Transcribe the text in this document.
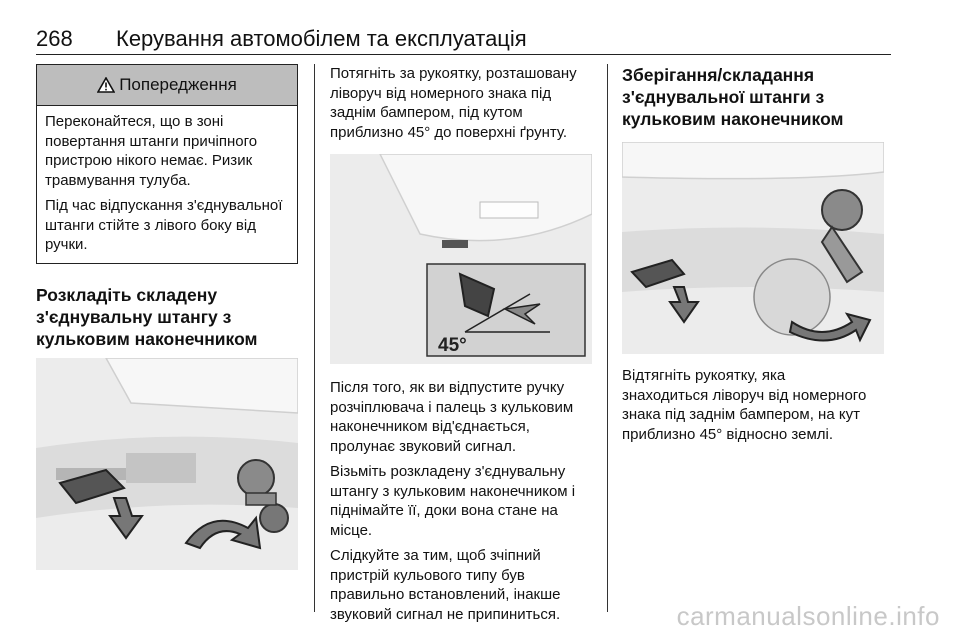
268 Керування автомобілем та експлуатація
Попередження

Переконайтеся, що в зоні повертання штанги причіпного пристрою нікого немає. Ризик травмування тулуба.

Під час відпускання з'єднувальної штанги стійте з лівого боку від ручки.

Розкладіть складену
з'єднувальну штангу з
кульковим наконечником

Потягніть за рукоятку, розташовану
ліворуч від номерного знака під
заднім бампером, під кутом
приблизно 45° до поверхні ґрунту.

45°

Після того, як ви відпустите ручку
розчіплювача і палець з кульковим
наконечником від'єднається,
пролунає звуковий сигнал.

Візьміть розкладену з'єднувальну
штангу з кульковим наконечником і
піднімайте її, доки вона стане на
місце.

Слідкуйте за тим, щоб зчіпний
пристрій кульового типу був
правильно встановлений, інакше
звуковий сигнал не припиниться.

Зберігання/складання
з'єднувальної штанги з
кульковим наконечником

Відтягніть рукоятку, яка
знаходиться ліворуч від номерного
знака під заднім бампером, на кут
приблизно 45° відносно землі.

carmanualsonline.info
